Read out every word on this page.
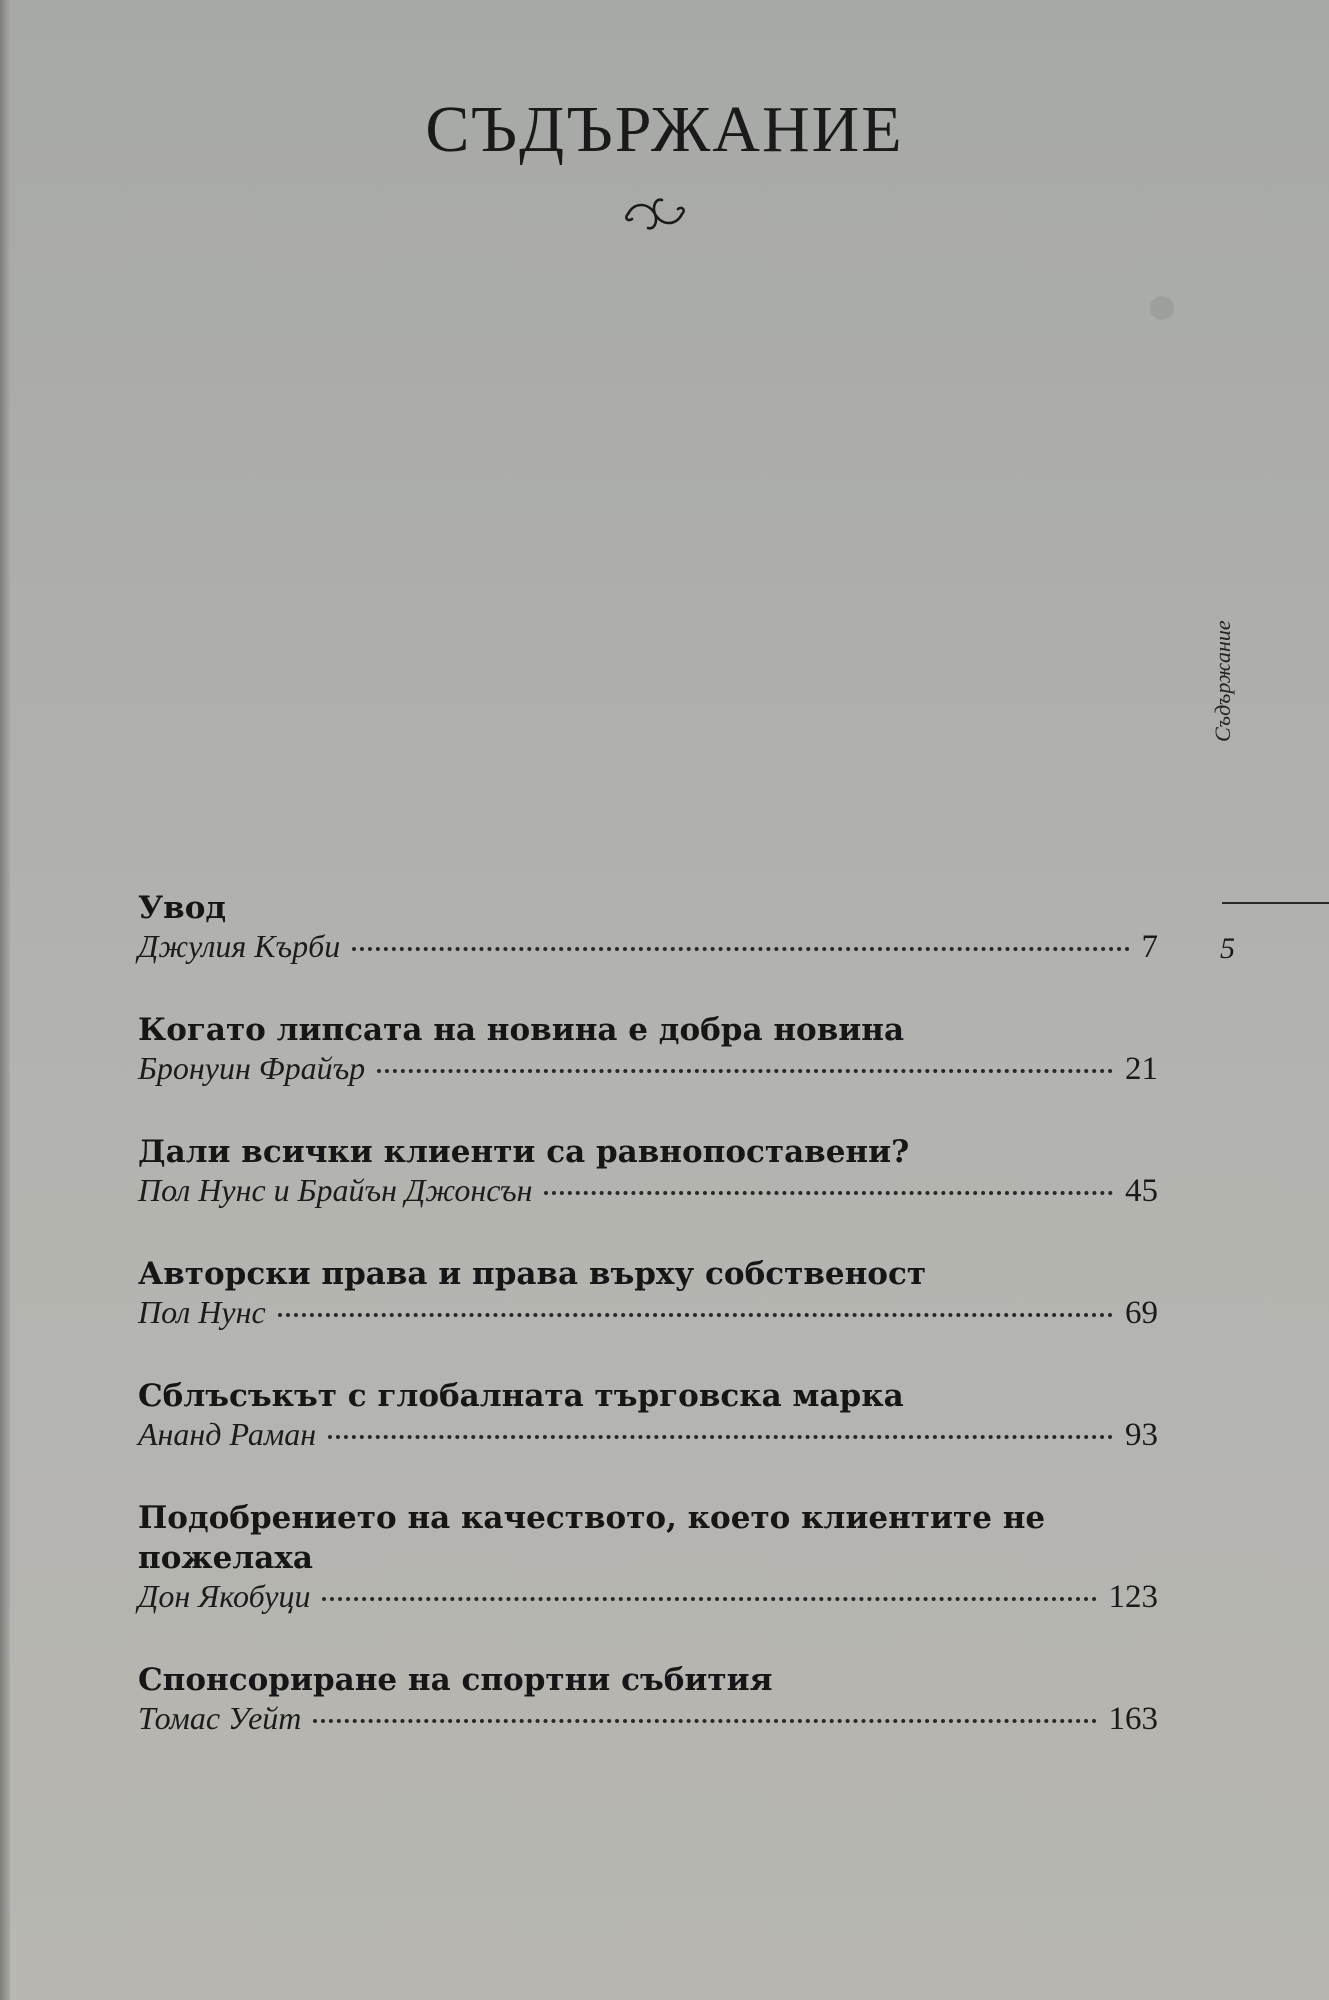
СЪДЪРЖАНИЕ
Увод
Джулия Кърби	7
Когато липсата на новина е добра новина
Бронуин Фрайър	21
Дали всички клиенти са равнопоставени?
Пол Нунс и Брайън Джонсън	45
Авторски права и права върху собственост
Пол Нунс	69
Сблъсъкът с глобалната търговска марка
Ананд Раман	93
Подобрението на качеството, което клиентите не пожелаха
Дон Якобуци	123
Спонсориране на спортни събития
Томас Уейт	163
Съдържание
5
